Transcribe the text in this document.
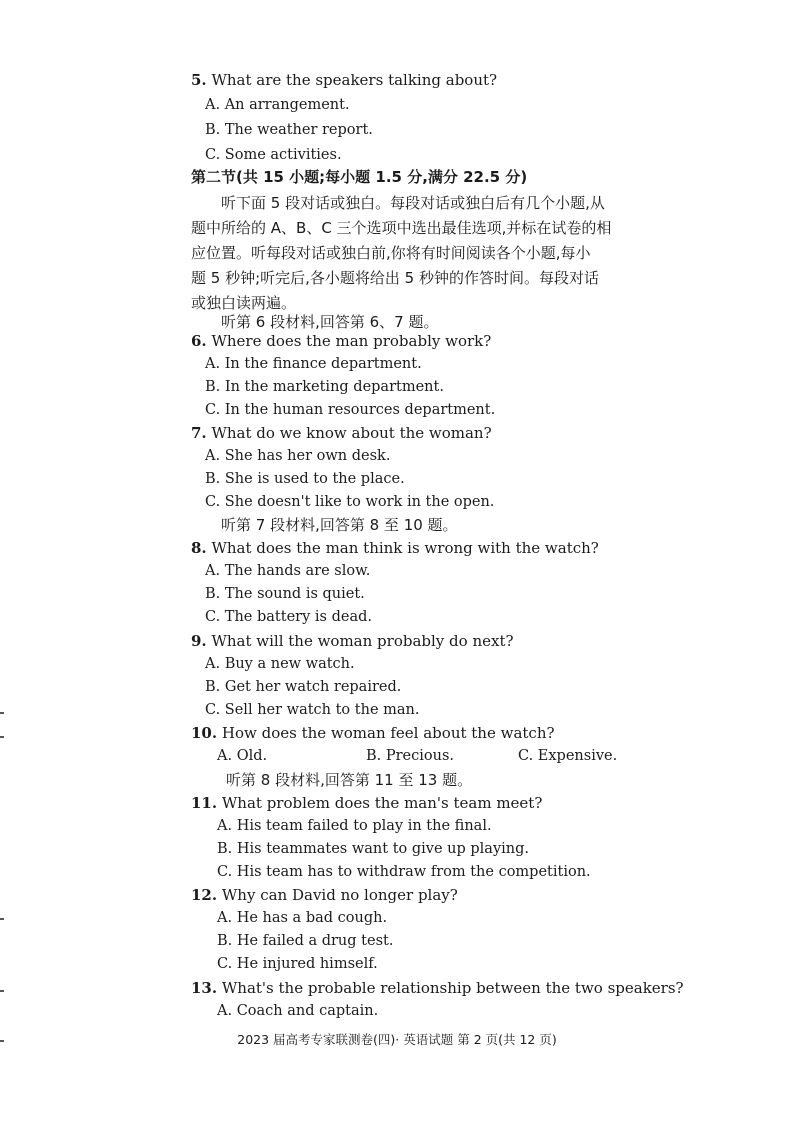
5. What are the speakers talking about?
A. An arrangement.
B. The weather report.
C. Some activities.
第二节(共 15 小题;每小题 1.5 分,满分 22.5 分)
听下面 5 段对话或独白。每段对话或独白后有几个小题,从
题中所给的 A、B、C 三个选项中选出最佳选项,并标在试卷的相
应位置。听每段对话或独白前,你将有时间阅读各个小题,每小
题 5 秒钟;听完后,各小题将给出 5 秒钟的作答时间。每段对话
或独白读两遍。
听第 6 段材料,回答第 6、7 题。
6. Where does the man probably work?
A. In the finance department.
B. In the marketing department.
C. In the human resources department.
7. What do we know about the woman?
A. She has her own desk.
B. She is used to the place.
C. She doesn't like to work in the open.
听第 7 段材料,回答第 8 至 10 题。
8. What does the man think is wrong with the watch?
A. The hands are slow.
B. The sound is quiet.
C. The battery is dead.
9. What will the woman probably do next?
A. Buy a new watch.
B. Get her watch repaired.
C. Sell her watch to the man.
10. How does the woman feel about the watch?
A. Old.	B. Precious.	C. Expensive.
听第 8 段材料,回答第 11 至 13 题。
11. What problem does the man's team meet?
A. His team failed to play in the final.
B. His teammates want to give up playing.
C. His team has to withdraw from the competition.
12. Why can David no longer play?
A. He has a bad cough.
B. He failed a drug test.
C. He injured himself.
13. What's the probable relationship between the two speakers?
A. Coach and captain.
2023 届高考专家联测卷(四)· 英语试题 第 2 页(共 12 页)
